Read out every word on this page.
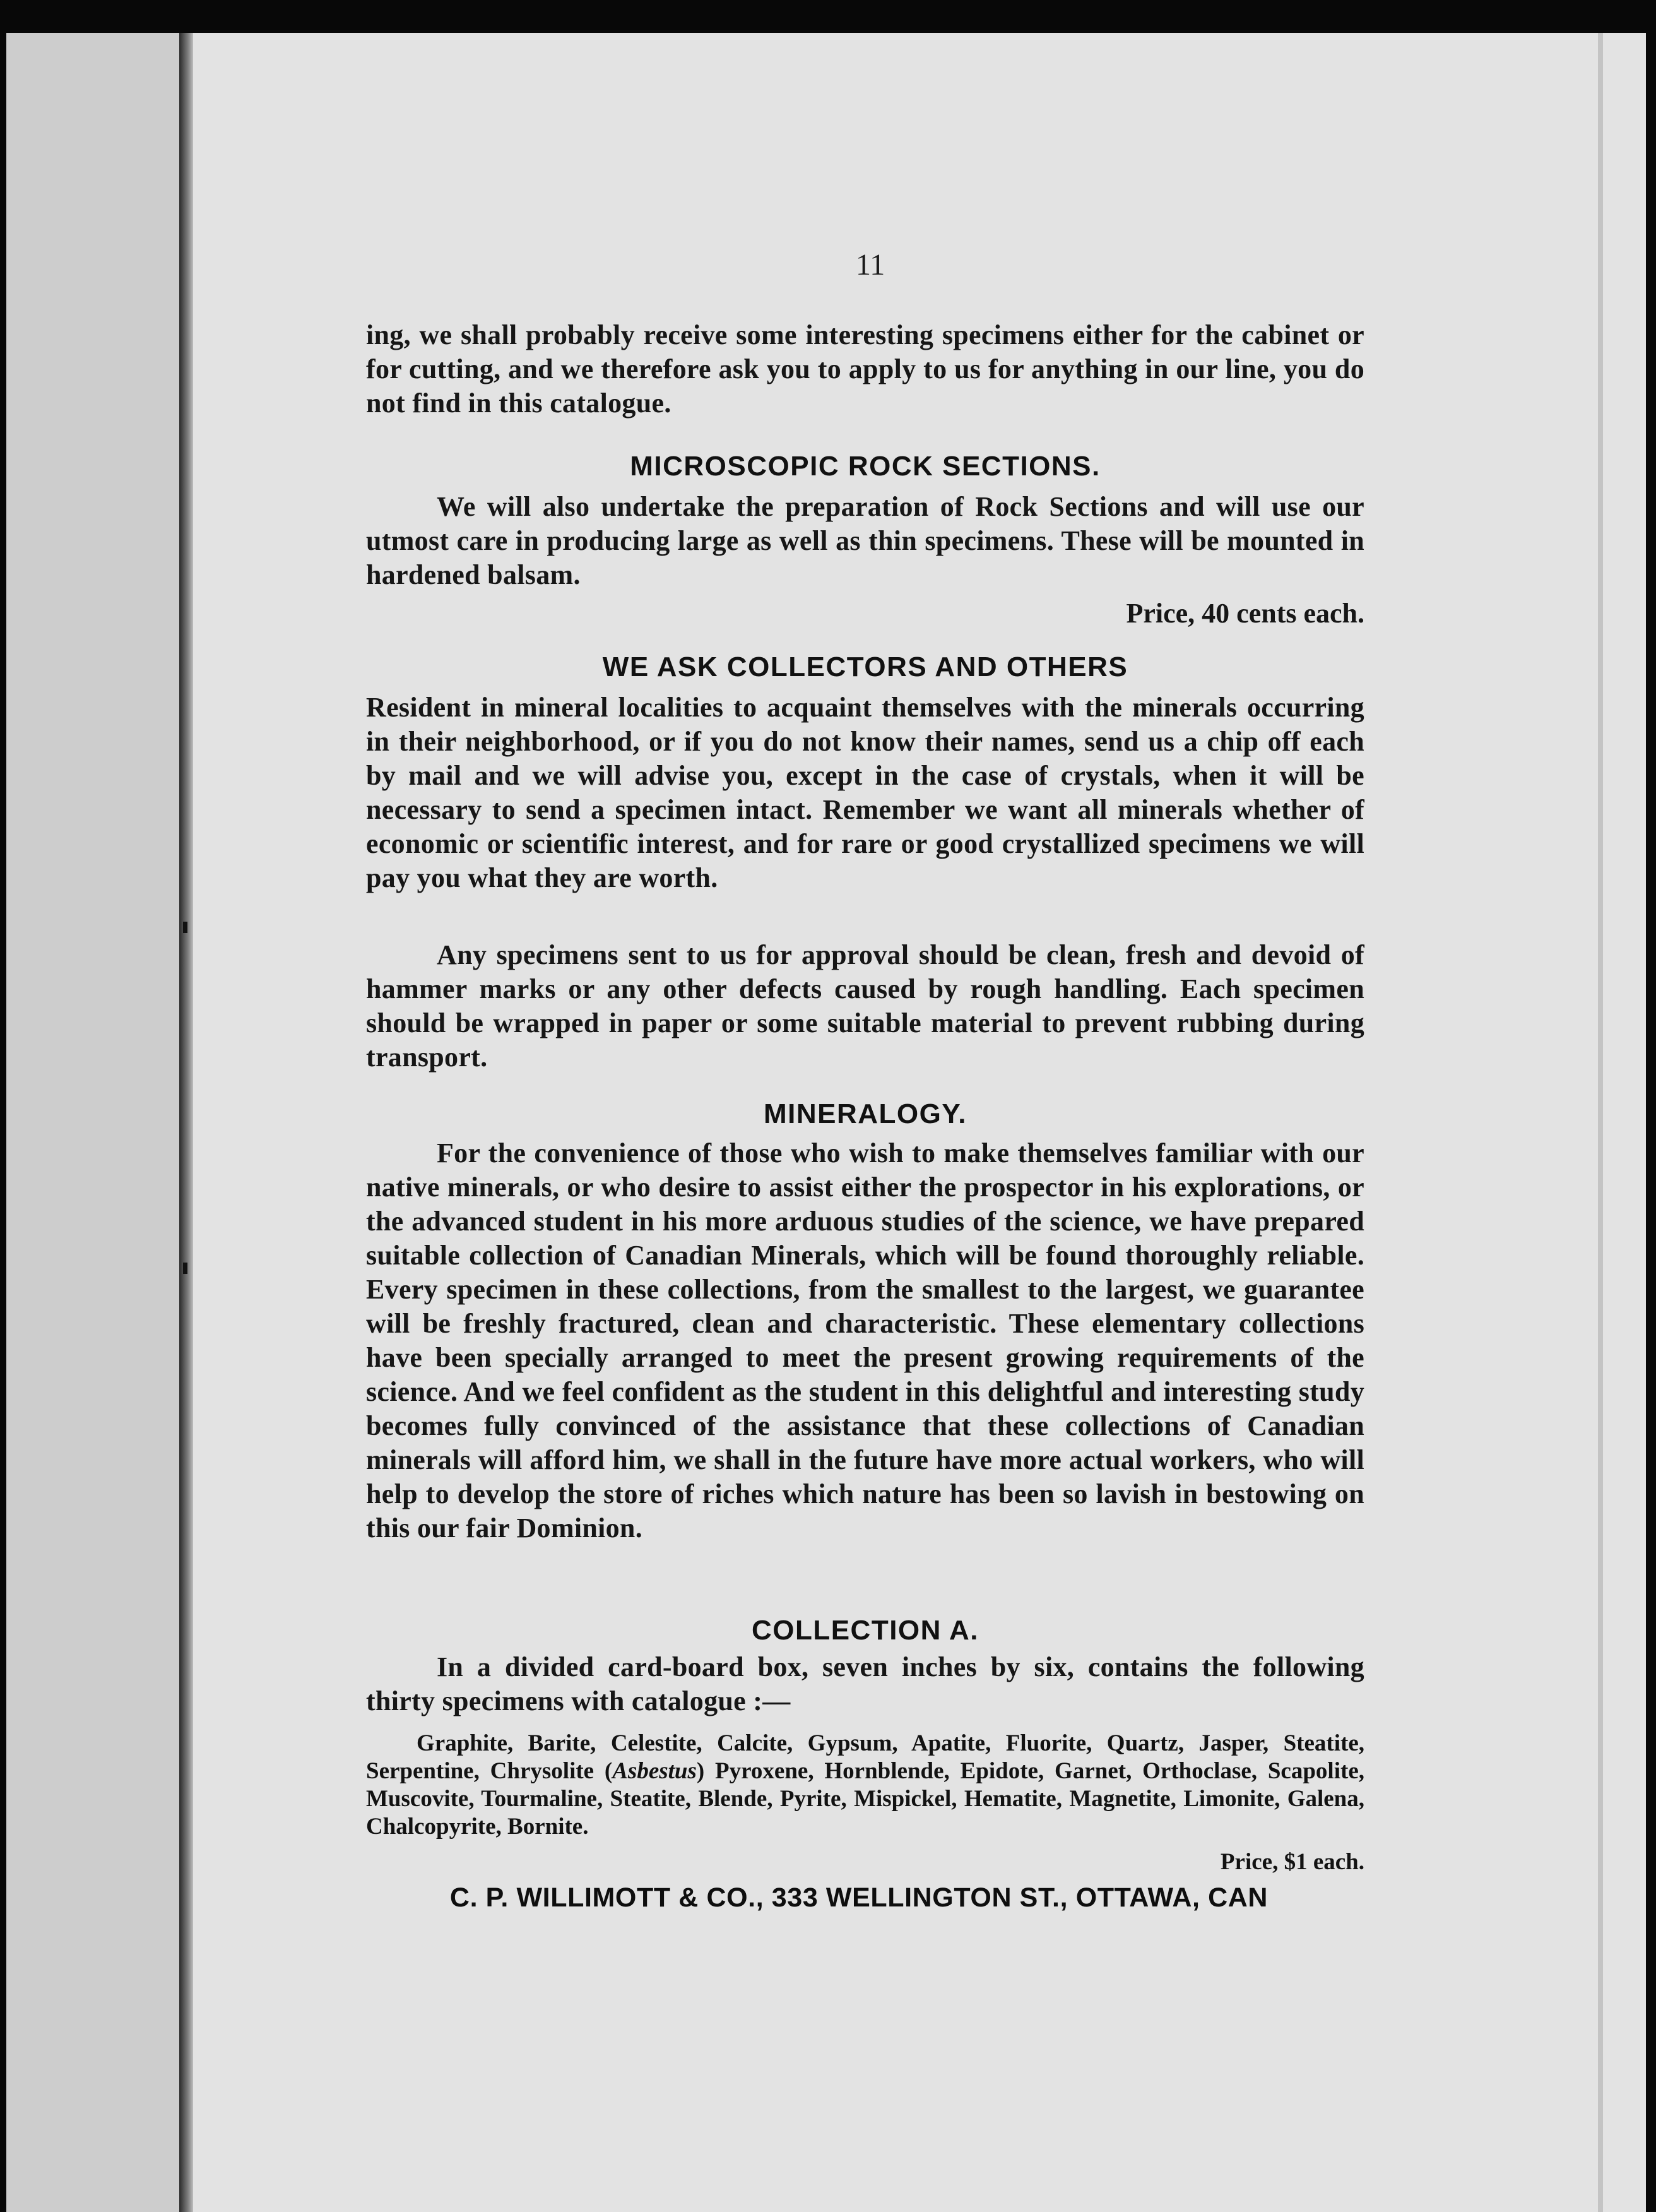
11
ing, we shall probably receive some interesting specimens either for the cabinet or for cutting, and we therefore ask you to apply to us for anything in our line, you do not find in this catalogue.
MICROSCOPIC ROCK SECTIONS.
We will also undertake the preparation of Rock Sections and will use our utmost care in producing large as well as thin specimens. These will be mounted in hardened balsam.
Price, 40 cents each.
WE ASK COLLECTORS AND OTHERS
Resident in mineral localities to acquaint themselves with the minerals occurring in their neighborhood, or if you do not know their names, send us a chip off each by mail and we will advise you, except in the case of crystals, when it will be necessary to send a specimen intact. Remember we want all minerals whether of economic or scientific interest, and for rare or good crystallized specimens we will pay you what they are worth.
Any specimens sent to us for approval should be clean, fresh and devoid of hammer marks or any other defects caused by rough handling. Each specimen should be wrapped in paper or some suitable material to prevent rubbing during transport.
MINERALOGY.
For the convenience of those who wish to make themselves familiar with our native minerals, or who desire to assist either the prospector in his explorations, or the advanced student in his more arduous studies of the science, we have prepared suitable collection of Canadian Minerals, which will be found thoroughly reliable. Every specimen in these collections, from the smallest to the largest, we guarantee will be freshly fractured, clean and characteristic. These elementary collections have been specially arranged to meet the present growing requirements of the science. And we feel confident as the student in this delightful and interesting study becomes fully convinced of the assistance that these collections of Canadian minerals will afford him, we shall in the future have more actual workers, who will help to develop the store of riches which nature has been so lavish in bestowing on this our fair Dominion.
COLLECTION A.
In a divided card-board box, seven inches by six, contains the following thirty specimens with catalogue :—
Graphite, Barite, Celestite, Calcite, Gypsum, Apatite, Fluorite, Quartz, Jasper, Steatite, Serpentine, Chrysolite (Asbestus) Pyroxene, Hornblende, Epidote, Garnet, Orthoclase, Scapolite, Muscovite, Tourmaline, Steatite, Blende, Pyrite, Mispickel, Hematite, Magnetite, Limonite, Galena, Chalcopyrite, Bornite.
Price, $1 each.
C. P. WILLIMOTT & CO., 333 WELLINGTON ST., OTTAWA, CAN
